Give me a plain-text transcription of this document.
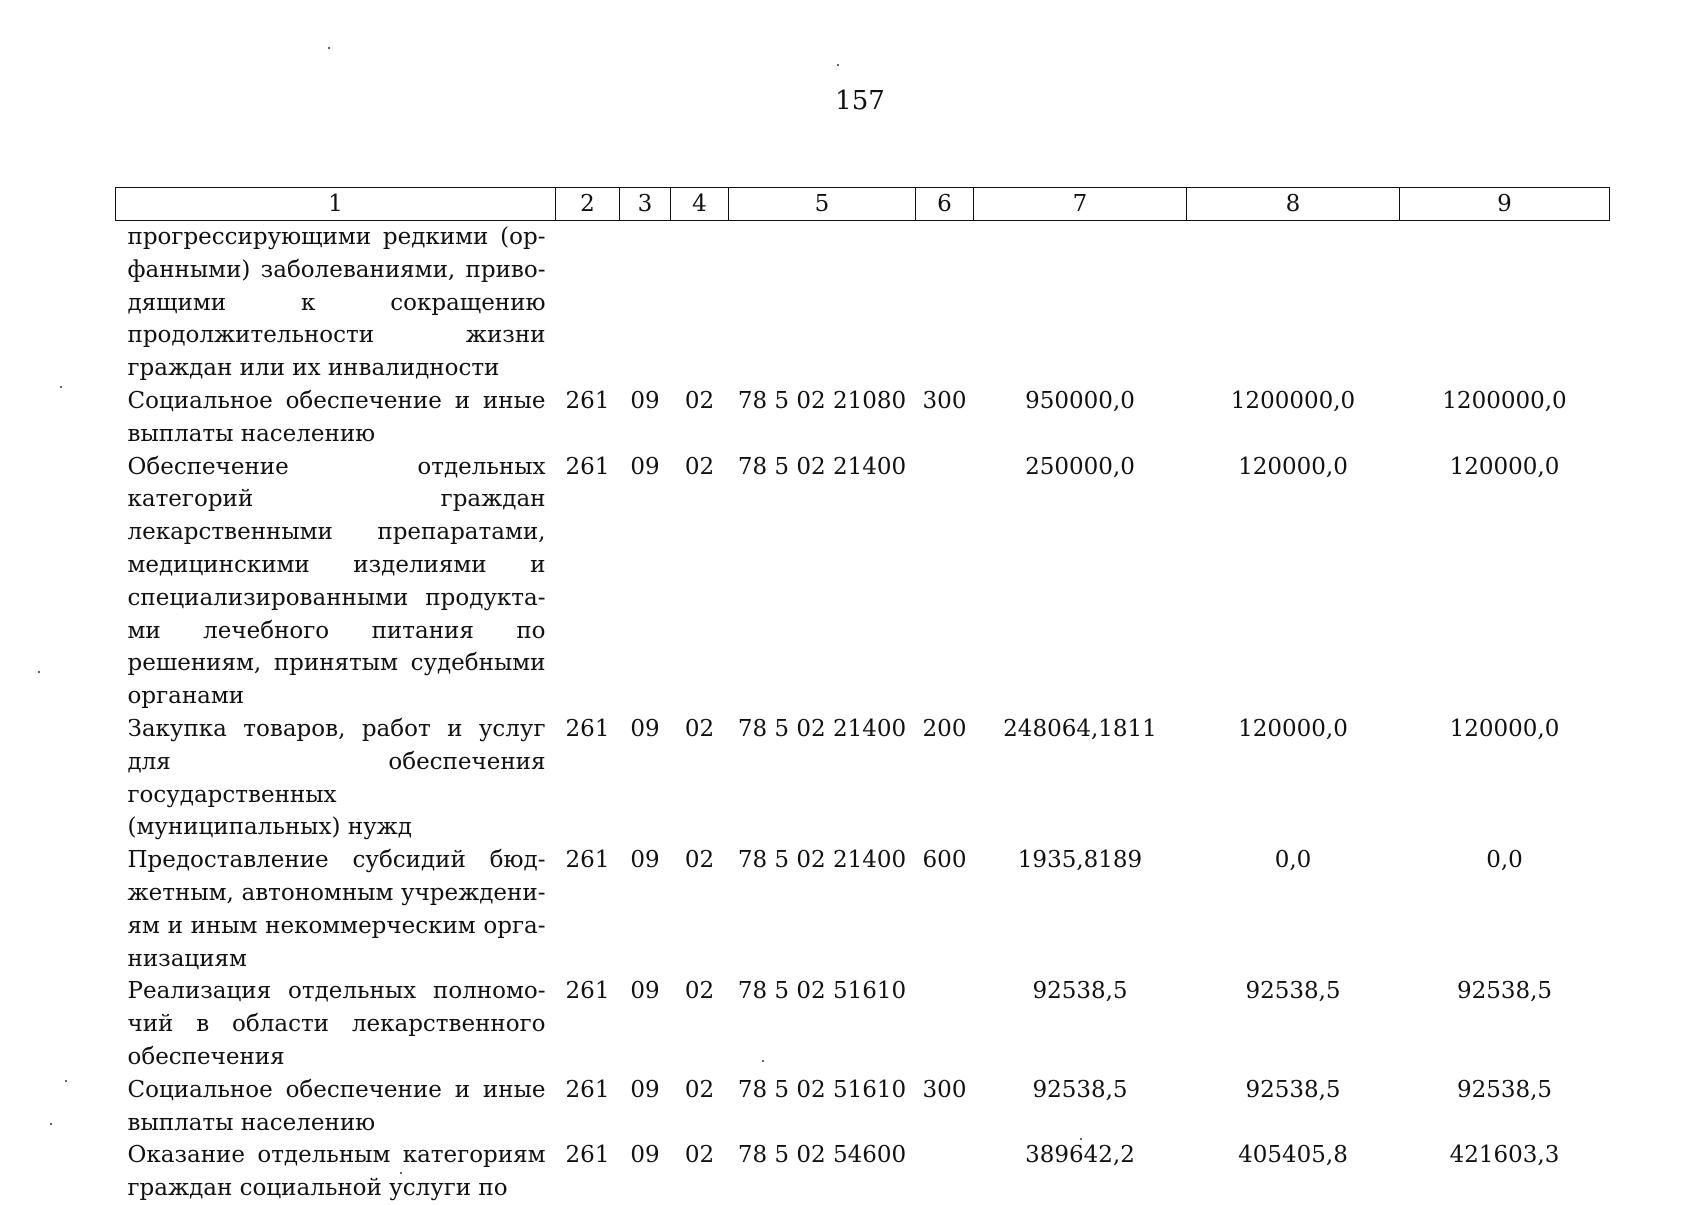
157
1	2	3	4	5	6	7	8	9
прогрессирующими редкими (орфанными) заболеваниями, приводящими к сокращению продолжительности жизни граждан или их инвалидности								
Социальное обеспечение и иные выплаты населению	261	09	02	78 5 02 21080	300	950000,0	1200000,0	1200000,0
Обеспечение отдельных категорий граждан лекарственными препаратами, медицинскими изделиями и специализированными продуктами лечебного питания по решениям, принятым судебными органами	261	09	02	78 5 02 21400		250000,0	120000,0	120000,0
Закупка товаров, работ и услуг для обеспечения государственных (муниципальных) нужд	261	09	02	78 5 02 21400	200	248064,1811	120000,0	120000,0
Предоставление субсидий бюджетным, автономным учреждениям и иным некоммерческим организациям	261	09	02	78 5 02 21400	600	1935,8189	0,0	0,0
Реализация отдельных полномочий в области лекарственного обеспечения	261	09	02	78 5 02 51610		92538,5	92538,5	92538,5
Социальное обеспечение и иные выплаты населению	261	09	02	78 5 02 51610	300	92538,5	92538,5	92538,5
Оказание отдельным категориям граждан социальной услуги по	261	09	02	78 5 02 54600		389642,2	405405,8	421603,3
